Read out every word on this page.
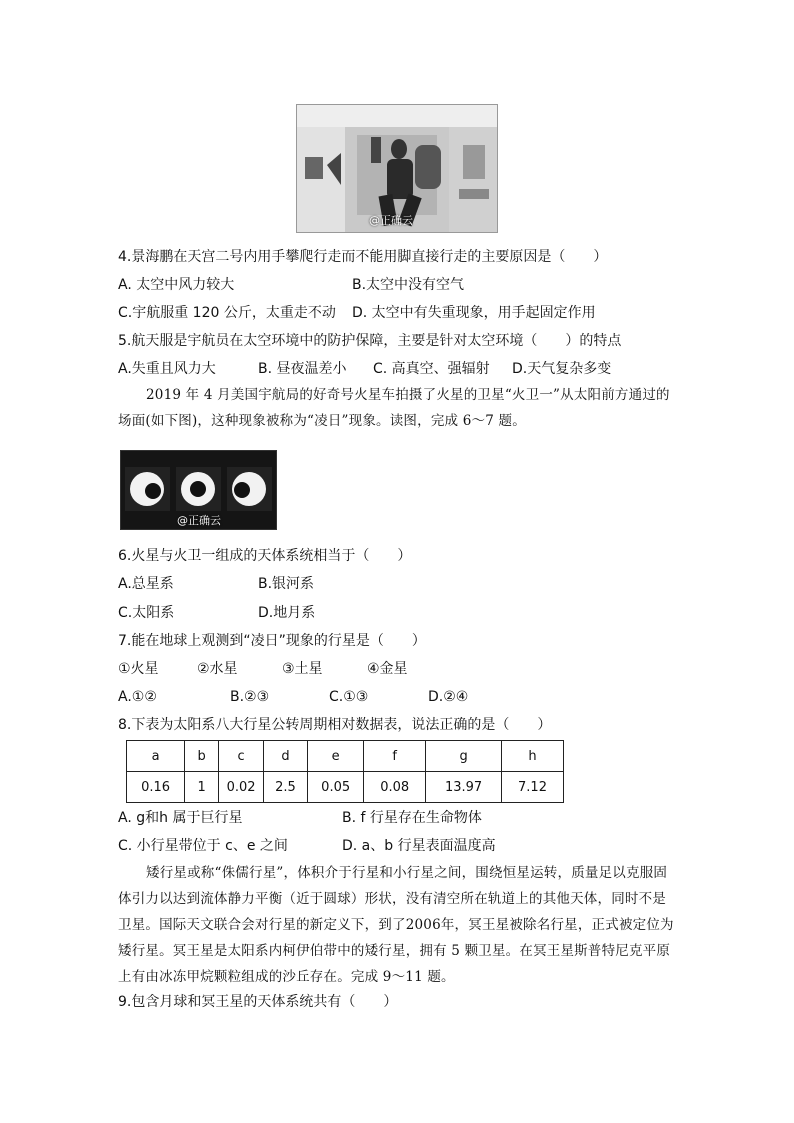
@正确云
4.景海鹏在天宫二号内用手攀爬行走而不能用脚直接行走的主要原因是（　　）
A. 太空中风力较大	B.太空中没有空气
C.宇航服重 120 公斤，太重走不动 D. 太空中有失重现象，用手起固定作用
5.航天服是宇航员在太空环境中的防护保障，主要是针对太空环境（　　）的特点
A.失重且风力大	B. 昼夜温差小 C. 高真空、强辐射 D.天气复杂多变
2019 年 4 月美国宇航局的好奇号火星车拍摄了火星的卫星“火卫一”从太阳前方通过的场面(如下图)，这种现象被称为“凌日”现象。读图，完成 6～7 题。
@正确云
6.火星与火卫一组成的天体系统相当于（　　）
A.总星系	B.银河系
C.太阳系	D.地月系
7.能在地球上观测到“凌日”现象的行星是（　　）
①火星	②水星	③土星	④金星
A.①②	B.②③	C.①③	D.②④
8.下表为太阳系八大行星公转周期相对数据表，说法正确的是（　　）
a	b	c	d	e	f	g	h
0.16	1	0.02	2.5	0.05	0.08	13.97	7.12
A. g和h 属于巨行星	B. f 行星存在生命物体
C. 小行星带位于 c、e 之间	D. a、b 行星表面温度高
矮行星或称“侏儒行星”，体积介于行星和小行星之间，围绕恒星运转，质量足以克服固体引力以达到流体静力平衡（近于圆球）形状，没有清空所在轨道上的其他天体，同时不是卫星。国际天文联合会对行星的新定义下，到了2006年，冥王星被除名行星，正式被定位为矮行星。冥王星是太阳系内柯伊伯带中的矮行星，拥有 5 颗卫星。在冥王星斯普特尼克平原上有由冰冻甲烷颗粒组成的沙丘存在。完成 9～11 题。
9.包含月球和冥王星的天体系统共有（　　）
